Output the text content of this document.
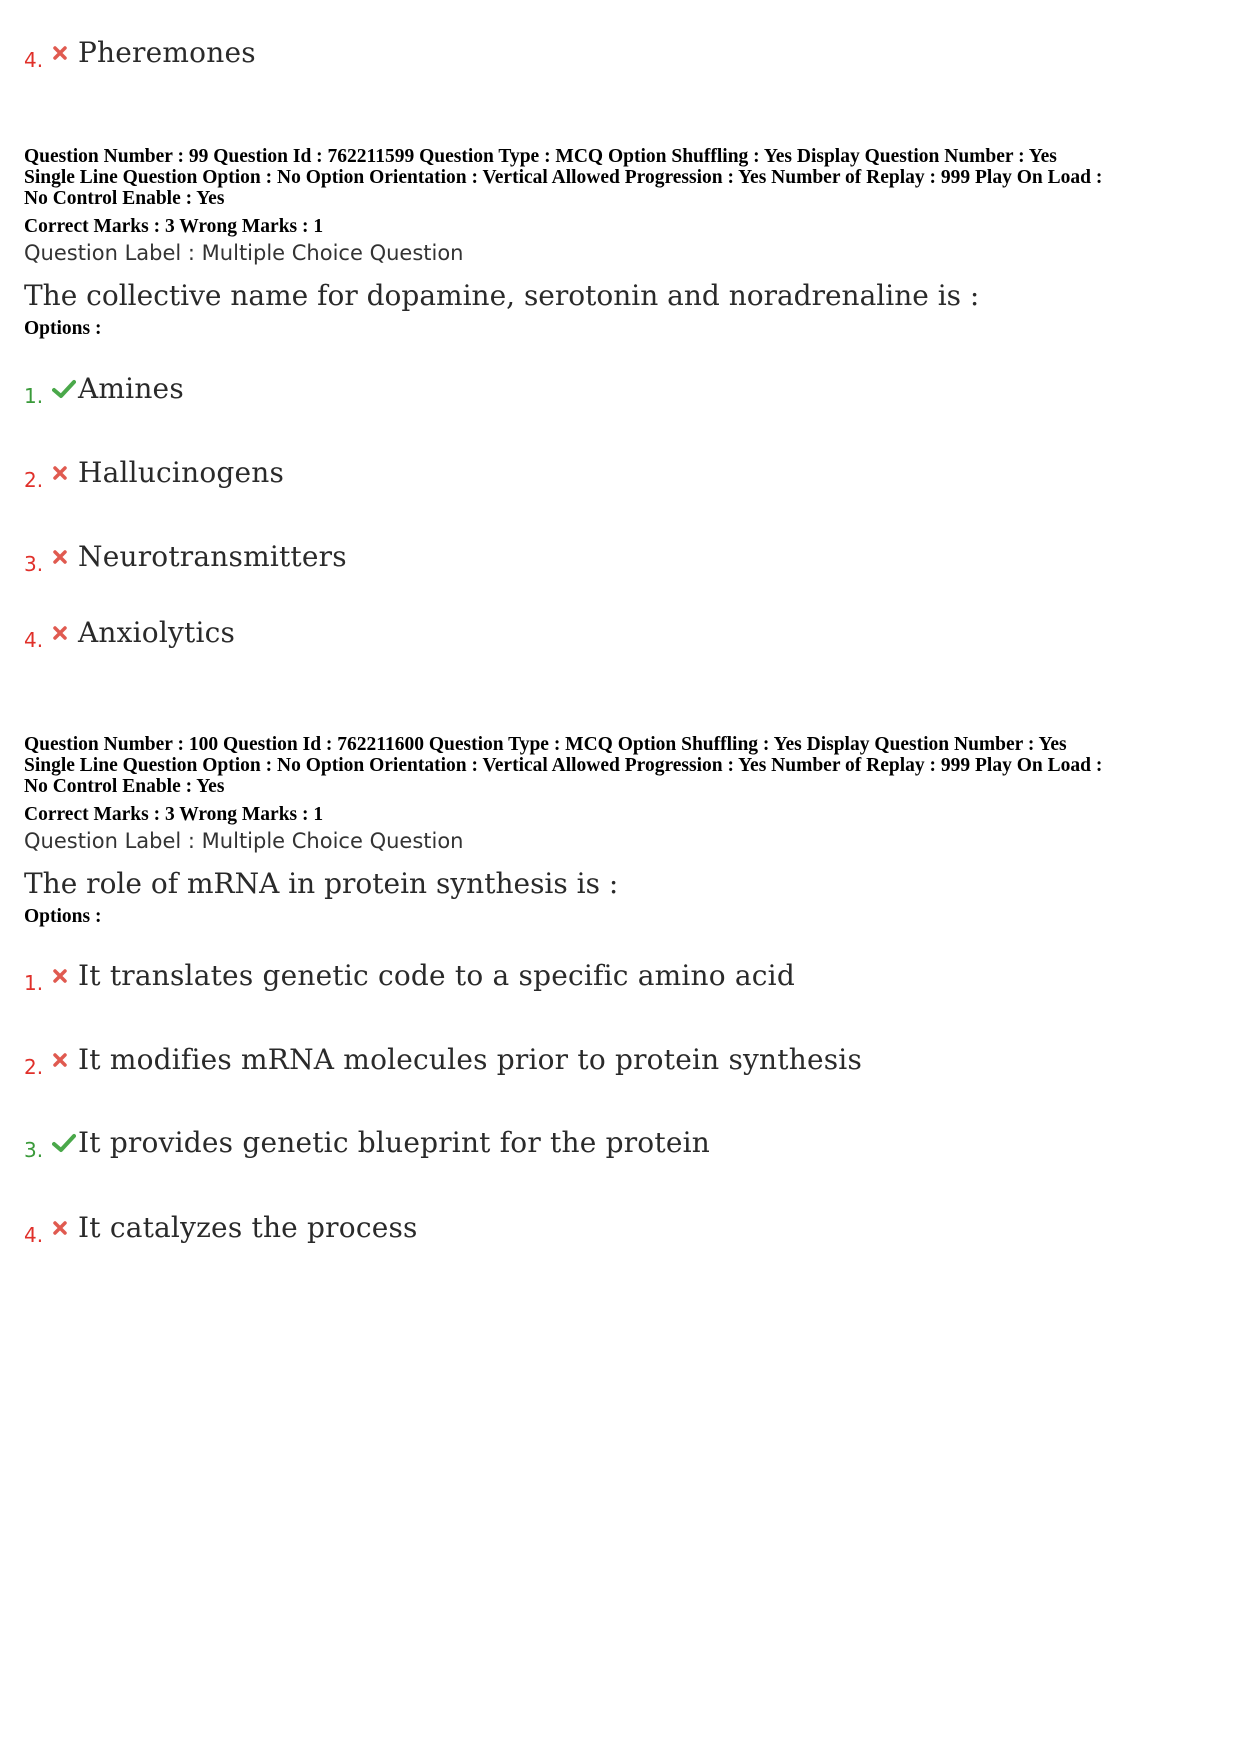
4.	Pheremones
Question Number : 99 Question Id : 762211599 Question Type : MCQ Option Shuffling : Yes Display Question Number : Yes
Single Line Question Option : No Option Orientation : Vertical Allowed Progression : Yes Number of Replay : 999 Play On Load :
No Control Enable : Yes
Correct Marks : 3 Wrong Marks : 1
Question Label : Multiple Choice Question
The collective name for dopamine, serotonin and noradrenaline is :
Options :
1.	Amines
2.	Hallucinogens
3.	Neurotransmitters
4.	Anxiolytics
Question Number : 100 Question Id : 762211600 Question Type : MCQ Option Shuffling : Yes Display Question Number : Yes
Single Line Question Option : No Option Orientation : Vertical Allowed Progression : Yes Number of Replay : 999 Play On Load :
No Control Enable : Yes
Correct Marks : 3 Wrong Marks : 1
Question Label : Multiple Choice Question
The role of mRNA in protein synthesis is :
Options :
1.	It translates genetic code to a specific amino acid
2.	It modifies mRNA molecules prior to protein synthesis
3.	It provides genetic blueprint for the protein
4.	It catalyzes the process
